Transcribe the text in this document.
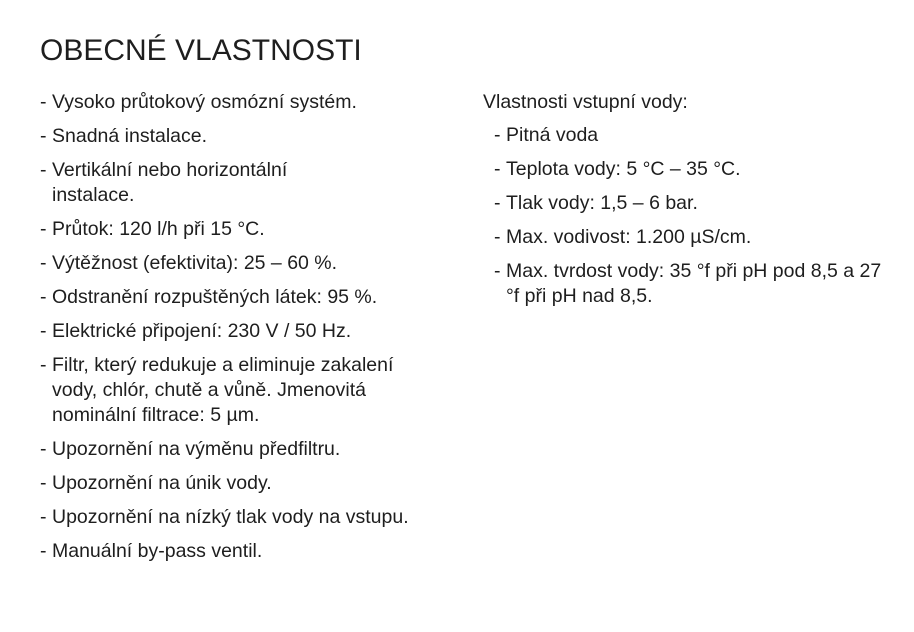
OBECNÉ VLASTNOSTI
- Vysoko průtokový osmózní systém.
- Snadná instalace.
- Vertikální nebo horizontální instalace.
- Průtok: 120 l/h při 15 °C.
- Výtěžnost (efektivita): 25 – 60 %.
- Odstranění rozpuštěných látek: 95 %.
- Elektrické připojení: 230 V / 50 Hz.
- Filtr, který redukuje a eliminuje zakalení vody, chlór, chutě a vůně. Jmenovitá nominální filtrace: 5 µm.
- Upozornění na výměnu předfiltru.
- Upozornění na únik vody.
- Upozornění na nízký tlak vody na vstupu.
- Manuální by-pass ventil.

Vlastnosti vstupní vody:

- Pitná voda
- Teplota vody: 5 °C – 35 °C.
- Tlak vody: 1,5 – 6 bar.
- Max. vodivost: 1.200 µS/cm.
- Max. tvrdost vody: 35 °f při pH pod 8,5 a 27 °f při pH nad 8,5.
